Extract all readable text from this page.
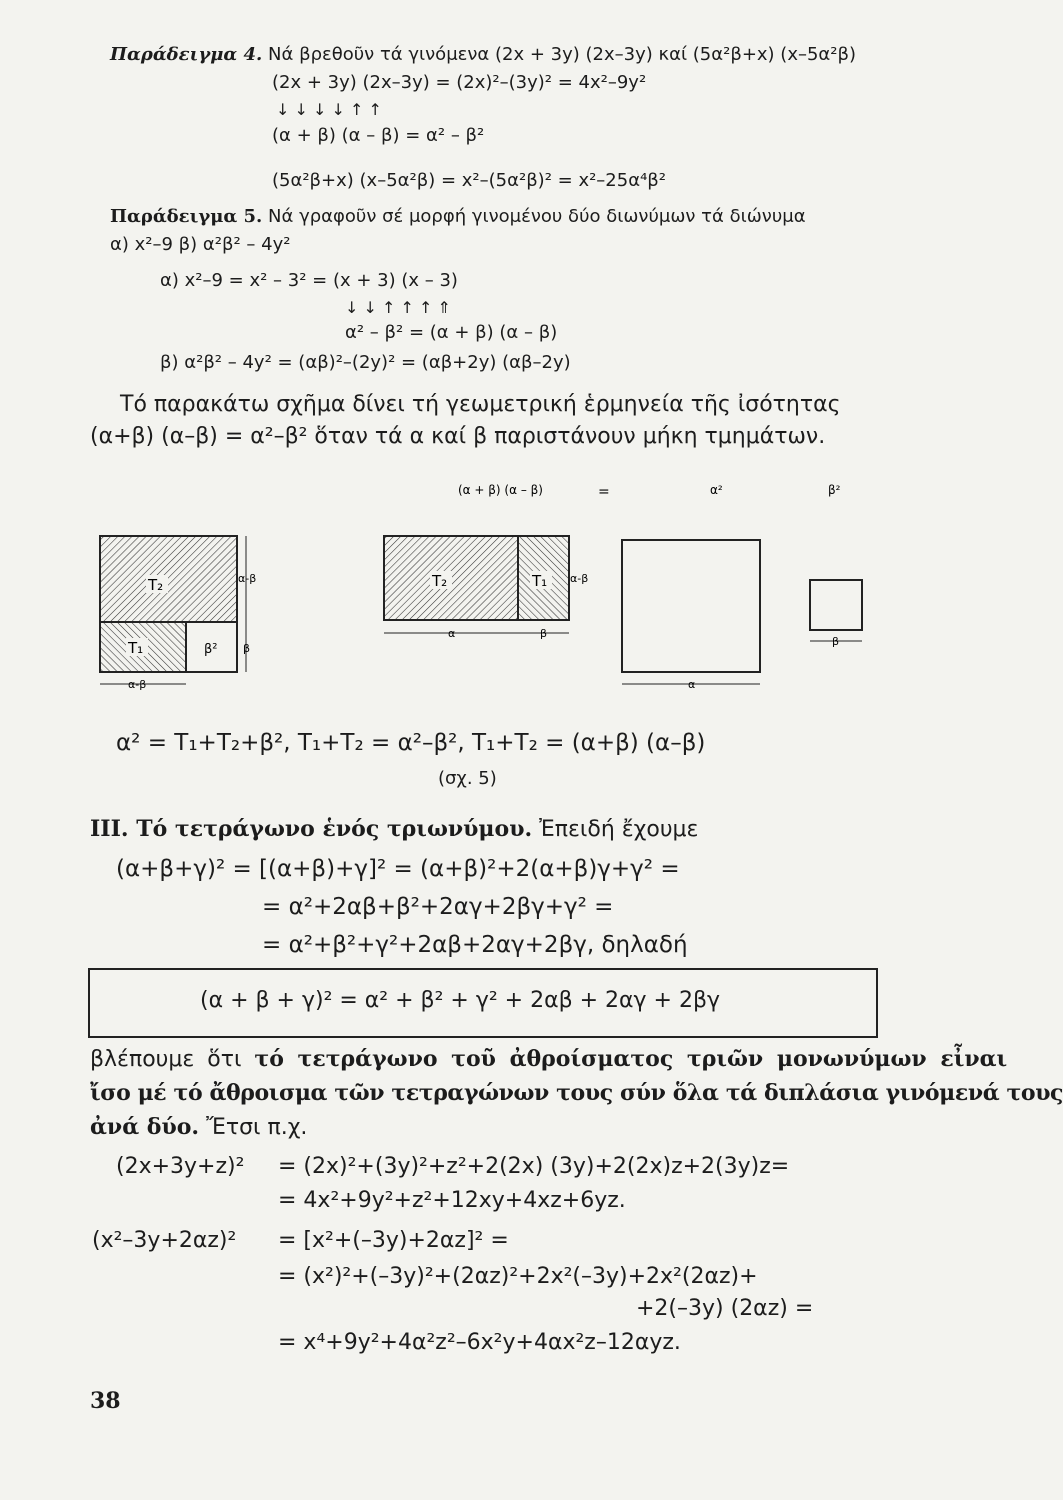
Παράδειγμα 4. Νά βρεθοῦν τά γινόμενα (2x + 3y) (2x–3y) καί (5α²β+x) (x–5α²β)
(2x + 3y) (2x–3y) = (2x)²–(3y)² = 4x²–9y²
↓ ↓ ↓ ↓ ↑ ↑
(α + β) (α – β) = α² – β²
(5α²β+x) (x–5α²β) = x²–(5α²β)² = x²–25α⁴β²
Παράδειγμα 5. Νά γραφοῦν σέ μορφή γινομένου δύο διωνύμων τά διώνυμα
α) x²–9 β) α²β² – 4y²
α) x²–9 = x² – 3² = (x + 3) (x – 3)
↓ ↓ ↑ ↑ ↑ ⇑
α² – β² = (α + β) (α – β)
β) α²β² – 4y² = (αβ)²–(2y)² = (αβ+2y) (αβ–2y)
Τό παρακάτω σχῆμα δίνει τή γεωμετρική ἑρμηνεία τῆς ἰσότητας
(α+β) (α–β) = α²–β² ὅταν τά α καί β παριστάνουν μήκη τμημάτων.
(α + β) (α – β)	=	α²	β²
T₂
T₁	β²
α-β
β
α-β
T₂	T₁ α-β
α	β
α
β
α² = T₁+T₂+β², T₁+T₂ = α²–β², T₁+T₂ = (α+β) (α–β)
(σχ. 5)
III. Τό τετράγωνο ἑνός τριωνύμου. Ἐπειδή ἔχουμε
(α+β+γ)² = [(α+β)+γ]² = (α+β)²+2(α+β)γ+γ² =
= α²+2αβ+β²+2αγ+2βγ+γ² =
= α²+β²+γ²+2αβ+2αγ+2βγ, δηλαδή
(α + β + γ)² = α² + β² + γ² + 2αβ + 2αγ + 2βγ
βλέπουμε ὅτι τό τετράγωνο τοῦ ἀθροίσματος τριῶν μονωνύμων εἶναι
ἴσο μέ τό ἄθροισμα τῶν τετραγώνων τους σύν ὅλα τά διπλάσια γινόμενά τους
ἀνά δύο. Ἔτσι π.χ.
(2x+3y+z)² = (2x)²+(3y)²+z²+2(2x) (3y)+2(2x)z+2(3y)z=
= 4x²+9y²+z²+12xy+4xz+6yz.
(x²–3y+2αz)² = [x²+(–3y)+2αz]² =
= (x²)²+(–3y)²+(2αz)²+2x²(–3y)+2x²(2αz)+
+2(–3y) (2αz) =
= x⁴+9y²+4α²z²–6x²y+4αx²z–12αyz.
38
